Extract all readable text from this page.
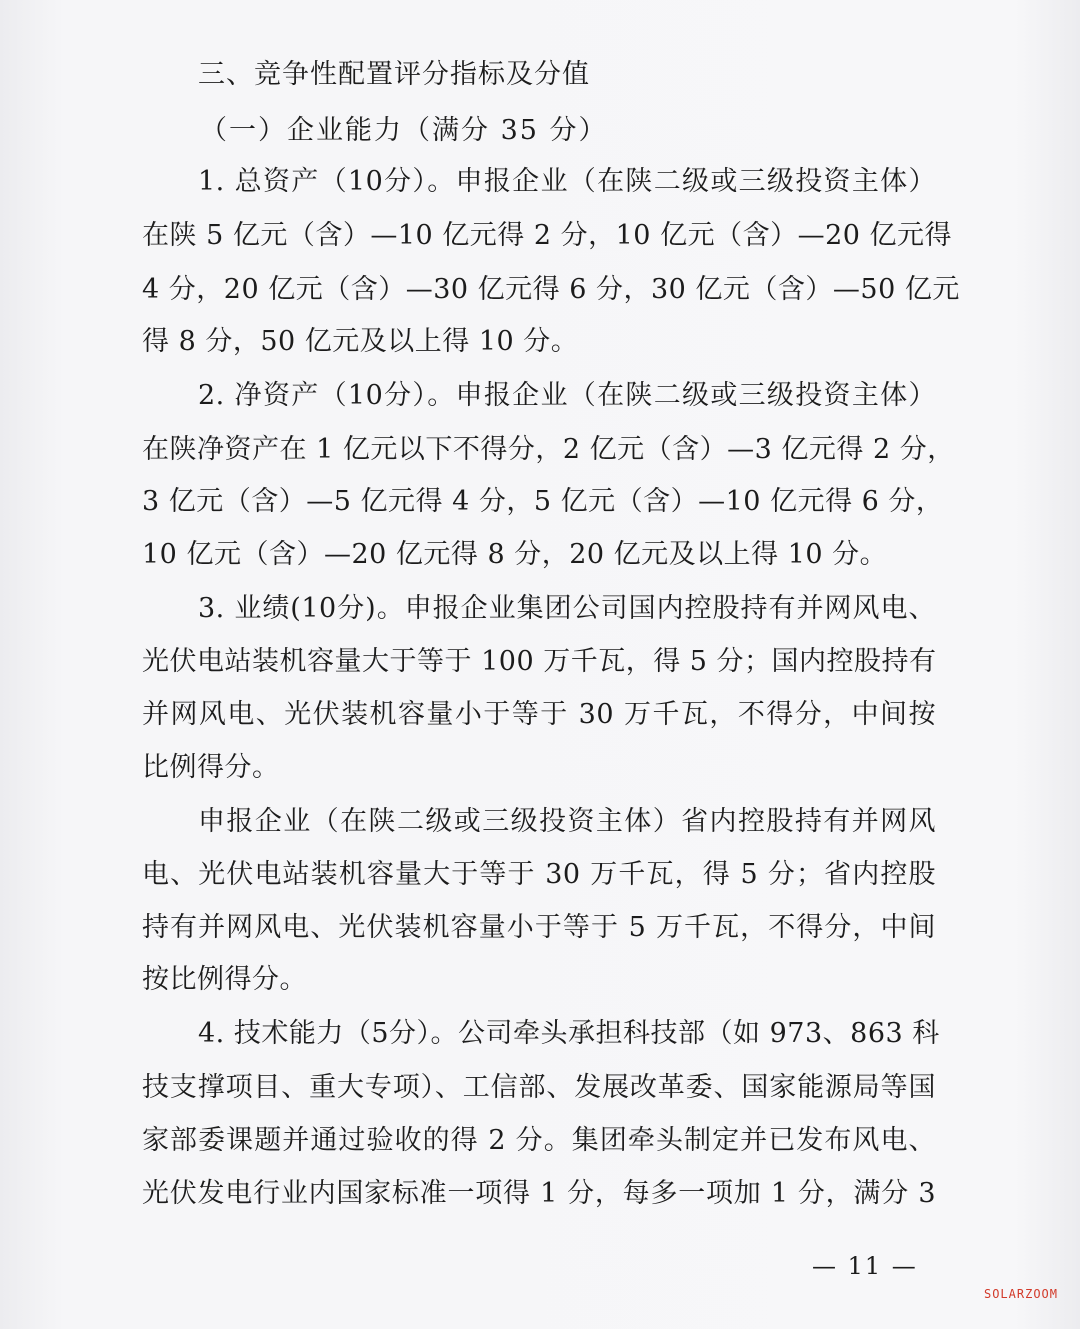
三、竞争性配置评分指标及分值
（一）企业能力（满分 35 分）
1. 总资产（10分）。申报企业（在陕二级或三级投资主体）
在陕 5 亿元（含）—10 亿元得 2 分，10 亿元（含）—20 亿元得
4 分，20 亿元（含）—30 亿元得 6 分，30 亿元（含）—50 亿元
得 8 分，50 亿元及以上得 10 分。
2. 净资产（10分）。申报企业（在陕二级或三级投资主体）
在陕净资产在 1 亿元以下不得分，2 亿元（含）—3 亿元得 2 分，
3 亿元（含）—5 亿元得 4 分，5 亿元（含）—10 亿元得 6 分，
10 亿元（含）—20 亿元得 8 分，20 亿元及以上得 10 分。
3. 业绩(10分)。申报企业集团公司国内控股持有并网风电、
光伏电站装机容量大于等于 100 万千瓦，得 5 分；国内控股持有
并网风电、光伏装机容量小于等于 30 万千瓦，不得分，中间按
比例得分。
申报企业（在陕二级或三级投资主体）省内控股持有并网风
电、光伏电站装机容量大于等于 30 万千瓦，得 5 分；省内控股
持有并网风电、光伏装机容量小于等于 5 万千瓦，不得分，中间
按比例得分。
4. 技术能力（5分）。公司牵头承担科技部（如 973、863 科
技支撑项目、重大专项）、工信部、发展改革委、国家能源局等国
家部委课题并通过验收的得 2 分。集团牵头制定并已发布风电、
光伏发电行业内国家标准一项得 1 分，每多一项加 1 分，满分 3
— 11 —
SOLARZOOM
